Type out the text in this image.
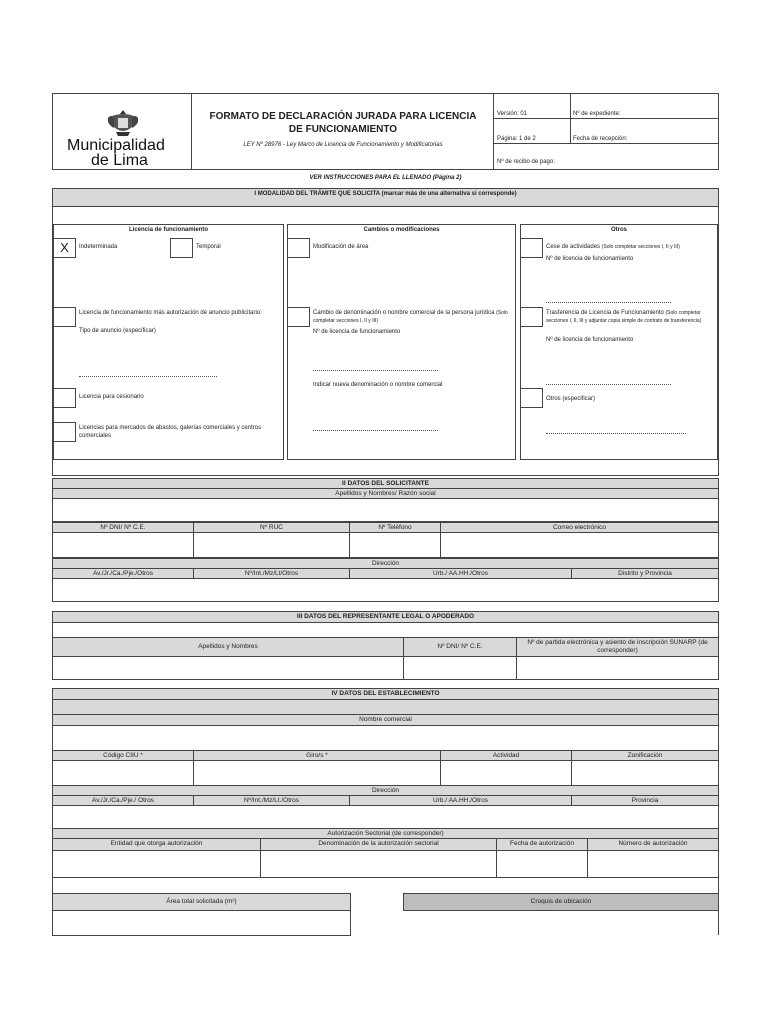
Municipalidad
de Lima
FORMATO DE DECLARACIÓN JURADA PARA LICENCIA DE FUNCIONAMIENTO
LEY Nº 28976 - Ley Marco de Licencia de Funcionamiento y Modificatorias
Versión: 01	Nº de expediente:
Página: 1 de 2	Fecha de recepción:
Nº de recibo de pago:
VER INSTRUCCIONES PARA EL LLENADO (Página 2)
I MODALIDAD DEL TRÁMITE QUE SOLICITA (marcar más de una alternativa si corresponde)
Licencia de funcionamiento
X	Indeterminada	Temporal
Licencia de funcionamiento más autorización de anuncio publicitario:
Tipo de anuncio (especificar)
Licencia para cesionario
Licencias para mercados de abastos, galerías comerciales y centros comerciales
Cambios o modificaciones
Modificación de área
Cambio de denominación o nombre comercial de la persona jurídica (Solo completar secciones I, II y III)
Nº de licencia de funcionamiento
Indicar nueva denominación o nombre comercial
Otros
Cese de actividades (Solo completar secciones I, II y III)
Nº de licencia de funcionamiento
Trasferencia de Licencia de Funcionamiento (Solo completar secciones I, II, III y adjuntar copia simple de contrato de transferencia)
Nº de licencia de funcionamiento
Otros (especificar)
II DATOS DEL SOLICITANTE
Apellidos y Nombres/ Razón social
Nº DNI/ Nº C.E.	Nº RUC	Nº Teléfono	Correo electrónico
Dirección
Av./Jr./Ca./Pje./Otros	Nº/Int./Mz/Lt/Otros	Urb./ AA.HH./Otros	Distrito y Provincia
III DATOS DEL REPRESENTANTE LEGAL O APODERADO
Apellidos y Nombres	Nº DNI/ Nº C.E.
Nº de partida electrónica y asiento de inscripción SUNARP (de corresponder)
IV DATOS DEL ESTABLECIMIENTO
Nombre comercial
Código CIIU *	Giro/s *	Actividad	Zonificación
Dirección
Av./Jr./Ca./Pje./ Otros	Nº/Int./Mz/Lt./Otros	Urb./ AA.HH./Otros	Provincia
Autorización Sectorial (de corresponder)
Entidad que otorga autorización	Denominación de la autorización sectorial	Fecha de autorización	Número de autorización
Área total solicitada (m²)	Croquis de ubicación
